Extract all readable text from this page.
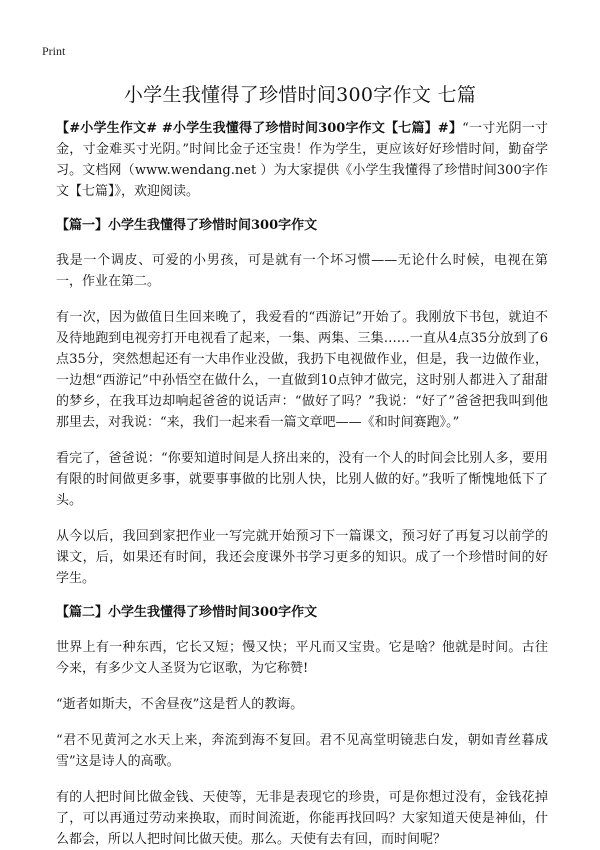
Print
小学生我懂得了珍惜时间300字作文 七篇

【#小学生作文# #小学生我懂得了珍惜时间300字作文【七篇】#】“一寸光阴一寸金，寸金难买寸光阴。”时间比金子还宝贵！作为学生，更应该好好珍惜时间，勤奋学习。文档网（www.wendang.net ）为大家提供《小学生我懂得了珍惜时间300字作文【七篇】》，欢迎阅读。

【篇一】小学生我懂得了珍惜时间300字作文

我是一个调皮、可爱的小男孩，可是就有一个坏习惯——无论什么时候，电视在第一，作业在第二。

有一次，因为做值日生回来晚了，我爱看的“西游记”开始了。我刚放下书包，就迫不及待地跑到电视旁打开电视看了起来，一集、两集、三集……一直从4点35分放到了6点35分，突然想起还有一大串作业没做，我扔下电视做作业，但是，我一边做作业，一边想“西游记”中孙悟空在做什么，一直做到10点钟才做完，这时别人都进入了甜甜的梦乡，在我耳边却响起爸爸的说话声：“做好了吗？”我说：“好了”爸爸把我叫到他那里去，对我说：“来，我们一起来看一篇文章吧——《和时间赛跑》。”

看完了，爸爸说：“你要知道时间是人挤出来的，没有一个人的时间会比别人多，要用有限的时间做更多事，就要事事做的比别人快，比别人做的好。”我听了惭愧地低下了头。

从今以后，我回到家把作业一写完就开始预习下一篇课文，预习好了再复习以前学的课文，后，如果还有时间，我还会度课外书学习更多的知识。成了一个珍惜时间的好学生。

【篇二】小学生我懂得了珍惜时间300字作文

世界上有一种东西，它长又短；慢又快；平凡而又宝贵。它是啥？他就是时间。古往今来，有多少文人圣贤为它讴歌，为它称赞!

“逝者如斯夫，不舍昼夜”这是哲人的教诲。

“君不见黄河之水天上来，奔流到海不复回。君不见高堂明镜悲白发，朝如青丝暮成雪”这是诗人的高歌。

有的人把时间比做金钱、天使等，无非是表现它的珍贵，可是你想过没有，金钱花掉了，可以再通过劳动来换取，而时间流逝，你能再找回吗？大家知道天使是神仙，什么都会，所以人把时间比做天使。那么。天使有去有回，而时间呢？
